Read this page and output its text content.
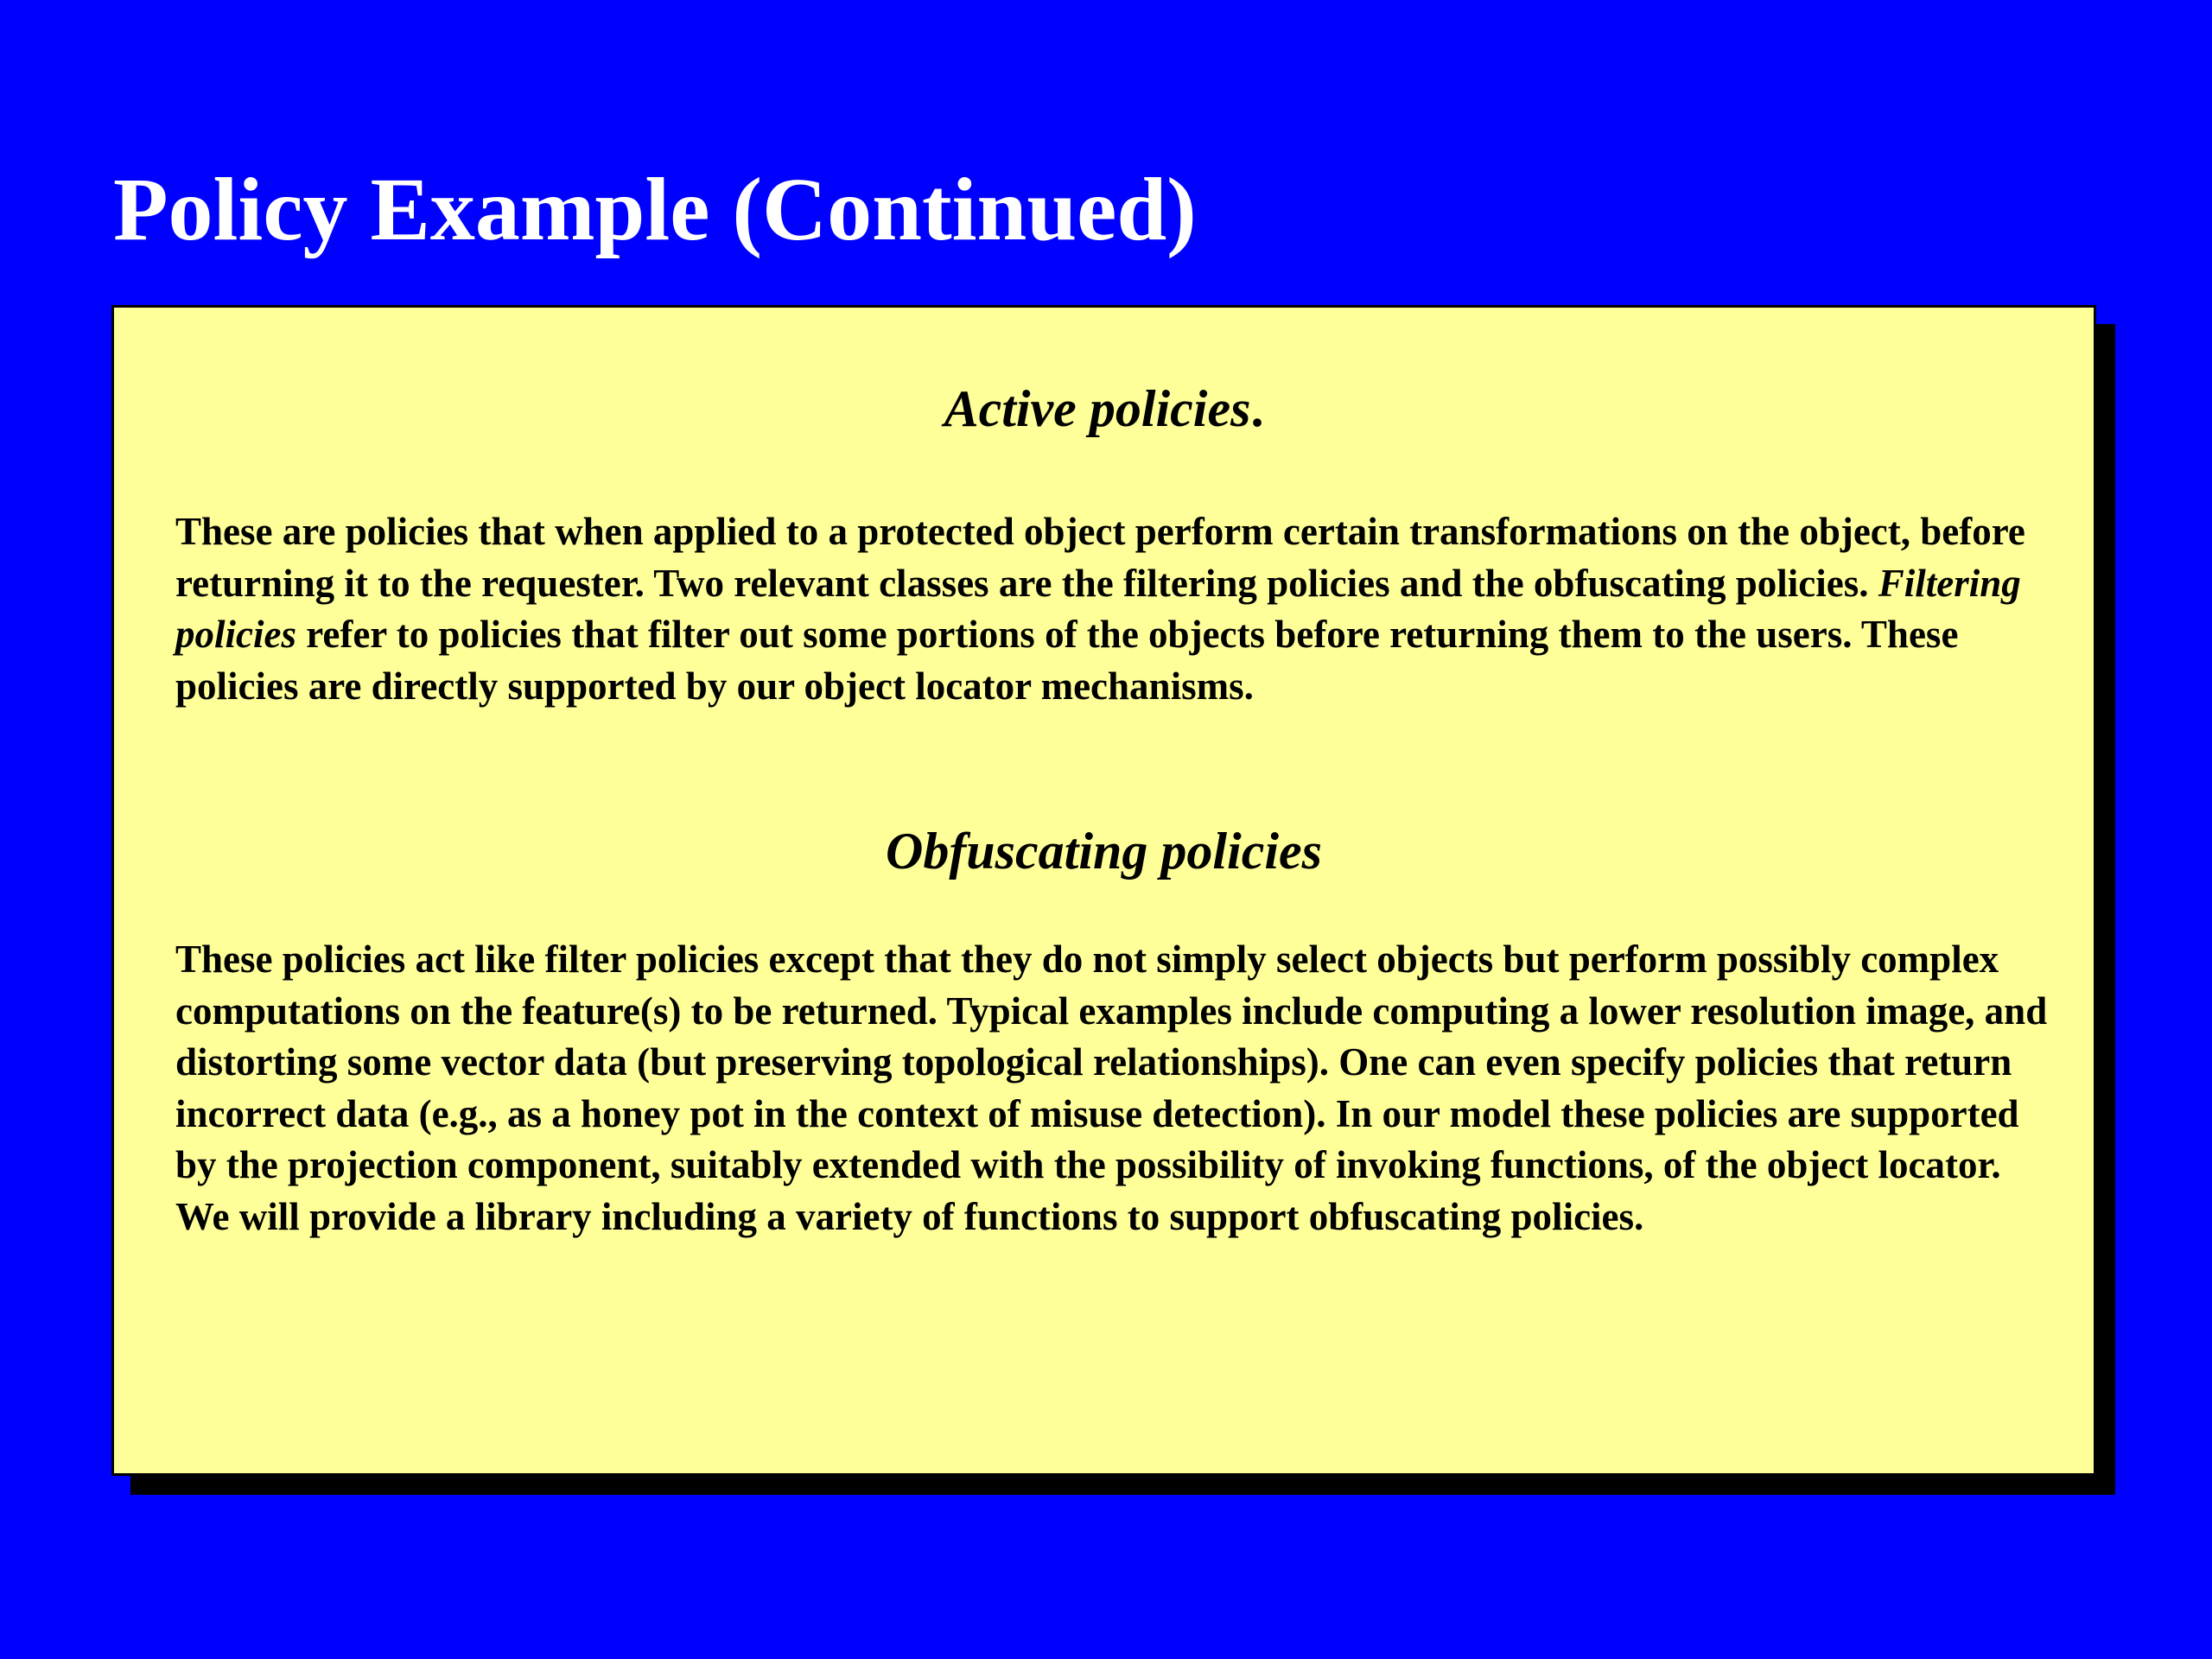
Policy Example (Continued)
Active policies.

These are policies that when applied to a protected object perform certain transformations on the object, before returning it to the requester. Two relevant classes are the filtering policies and the obfuscating policies. Filtering policies refer to policies that filter out some portions of the objects before returning them to the users. These policies are directly supported by our object locator mechanisms.

Obfuscating policies

These policies act like filter policies except that they do not simply select objects but perform possibly complex computations on the feature(s) to be returned. Typical examples include computing a lower resolution image, and distorting some vector data (but preserving topological relationships). One can even specify policies that return incorrect data (e.g., as a honey pot in the context of misuse detection). In our model these policies are supported by the projection component, suitably extended with the possibility of invoking functions, of the object locator. We will provide a library including a variety of functions to support obfuscating policies.
